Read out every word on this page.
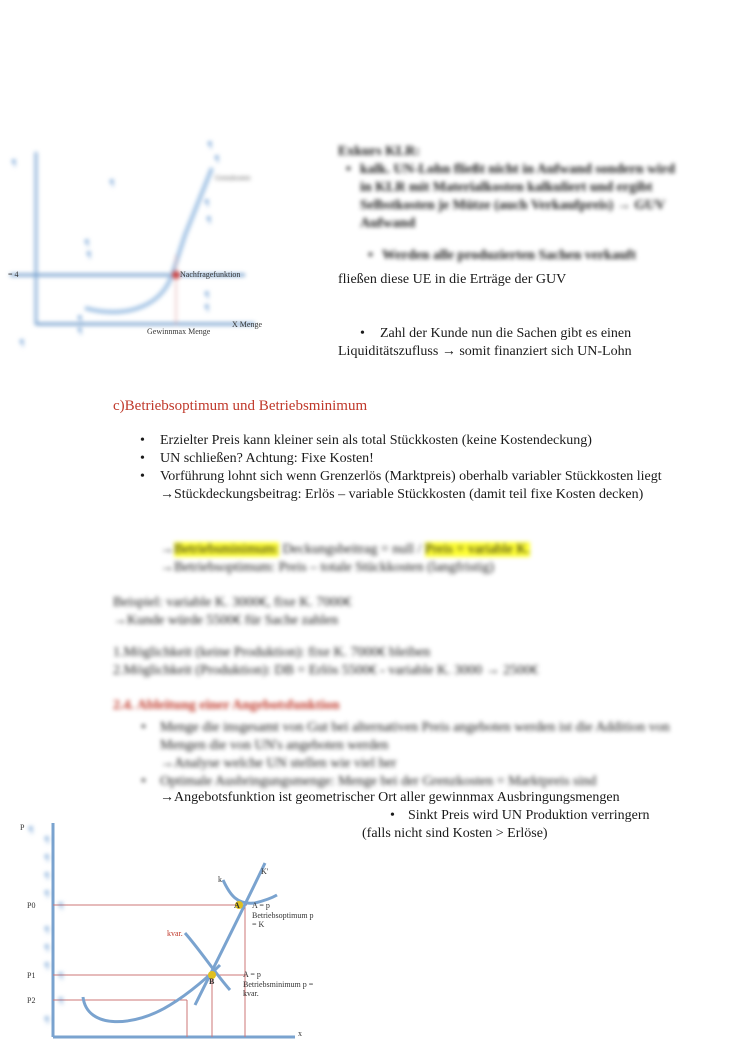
¶
¶
¶
¶
¶
¶
¶
¶
¶
¶
¶
¶
¶
Grenzkosten
= 4	Nachfragefunktion
X Menge
Gewinnmax Menge
Exkurs KLR:
• kalk. UN-Lohn fließt nicht in Aufwand sondern wird in KLR mit Materialkosten kalkuliert und ergibt Selbstkosten je Mütze (auch Verkaufpreis) → GUV Aufwand
• Werden alle produzierten Sachen verkauft
fließen diese UE in die Erträge der GUV
• Zahl der Kunde nun die Sachen gibt es einen
Liquiditätszufluss → somit finanziert sich UN-Lohn
c)Betriebsoptimum und Betriebsminimum
• Erzielter Preis kann kleiner sein als total Stückkosten (keine Kostendeckung)
• UN schließen? Achtung: Fixe Kosten!
• Vorführung lohnt sich wenn Grenzerlös (Marktpreis) oberhalb variabler Stückkosten liegt
→Stückdeckungsbeitrag: Erlös – variable Stückkosten (damit teil fixe Kosten decken)
→Betriebsminimum: Deckungsbeitrag = null / Preis = variable K.
→Betriebsoptimum: Preis – totale Stückkosten (langfristig)
Beispiel: variable K. 3000€, fixe K. 7000€
→Kunde würde 5500€ für Sache zahlen
1.Möglichkeit (keine Produktion): fixe K. 7000€ bleiben
2.Möglichkeit (Produktion): DB = Erlös 5500€ - variable K. 3000 → 2500€
2.4. Ableitung einer Angebotsfunktion
• Menge die insgesamt von Gut bei alternativen Preis angeboten werden ist die Addition von Mengen die von UN's angeboten werden
→Analyse welche UN stellen wie viel her
• Optimale Ausbringungsmenge: Menge bei der Grenzkosten = Marktpreis sind
→Angebotsfunktion ist geometrischer Ort aller gewinnmax Ausbringungsmengen
• Sinkt Preis wird UN Produktion verringern
(falls nicht sind Kosten > Erlöse)
P
P0
P1
P2
k
K'
kvar.
A
B
A = p
Betriebsoptimum p = K
A = p
Betriebsminimum p = kvar.
x
¶
¶
¶
¶
¶
¶
¶
¶
¶
¶
¶
¶
